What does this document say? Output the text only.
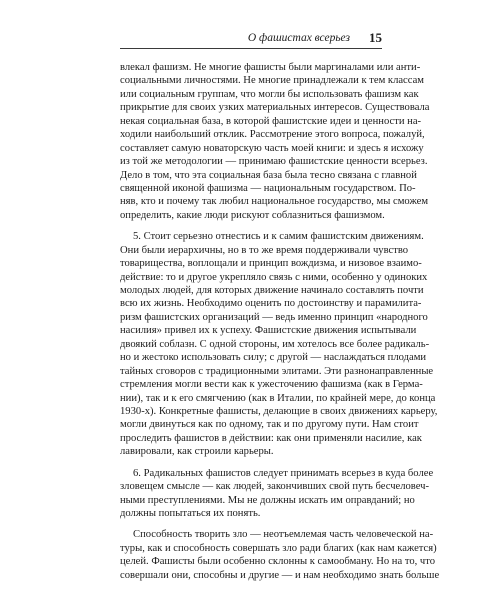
О фашистах всерьез 15
влекал фашизм. Не многие фашисты были маргиналами или анти-
социальными личностями. Не многие принадлежали к тем классам
или социальным группам, что могли бы использовать фашизм как
прикрытие для своих узких материальных интересов. Существовала
некая социальная база, в которой фашистские идеи и ценности на-
ходили наибольший отклик. Рассмотрение этого вопроса, пожалуй,
составляет самую новаторскую часть моей книги: и здесь я исхожу
из той же методологии — принимаю фашистские ценности всерьез.
Дело в том, что эта социальная база была тесно связана с главной
священной иконой фашизма — национальным государством. По-
няв, кто и почему так любил национальное государство, мы сможем
определить, какие люди рискуют соблазниться фашизмом.
5. Стоит серьезно отнестись и к самим фашистским движениям.
Они были иерархичны, но в то же время поддерживали чувство
товарищества, воплощали и принцип вождизма, и низовое взаимо-
действие: то и другое укрепляло связь с ними, особенно у одиноких
молодых людей, для которых движение начинало составлять почти
всю их жизнь. Необходимо оценить по достоинству и парамилита-
ризм фашистских организаций — ведь именно принцип «народного
насилия» привел их к успеху. Фашистские движения испытывали
двоякий соблазн. С одной стороны, им хотелось все более радикаль-
но и жестоко использовать силу; с другой — наслаждаться плодами
тайных сговоров с традиционными элитами. Эти разнонаправленные
стремления могли вести как к ужесточению фашизма (как в Герма-
нии), так и к его смягчению (как в Италии, по крайней мере, до конца
1930-х). Конкретные фашисты, делающие в своих движениях карьеру,
могли двинуться как по одному, так и по другому пути. Нам стоит
проследить фашистов в действии: как они применяли насилие, как
лавировали, как строили карьеры.
6. Радикальных фашистов следует принимать всерьез в куда более
зловещем смысле — как людей, закончивших свой путь бесчеловеч-
ными преступлениями. Мы не должны искать им оправданий; но
должны попытаться их понять.
Способность творить зло — неотъемлемая часть человеческой на-
туры, как и способность совершать зло ради благих (как нам кажется)
целей. Фашисты были особенно склонны к самообману. Но на то, что
совершали они, способны и другие — и нам необходимо знать больше
